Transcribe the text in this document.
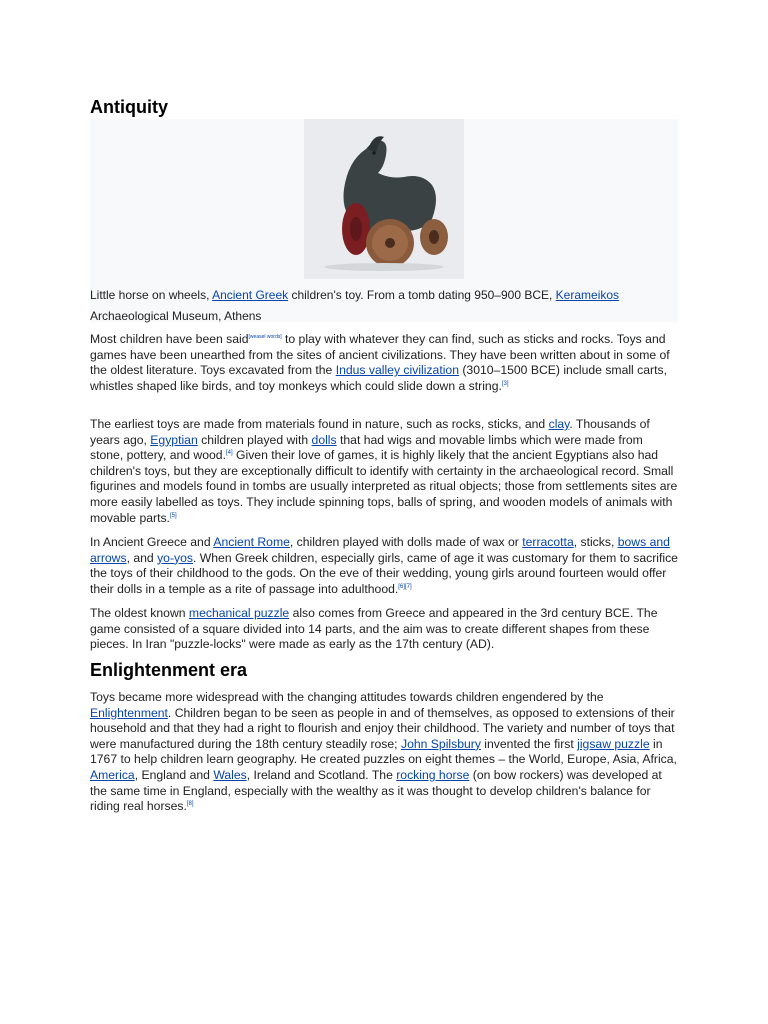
Antiquity
Little horse on wheels, Ancient Greek children's toy. From a tomb dating 950–900 BCE, Kerameikos Archaeological Museum, Athens
Most children have been said[weasel words] to play with whatever they can find, such as sticks and rocks. Toys and games have been unearthed from the sites of ancient civilizations. They have been written about in some of the oldest literature. Toys excavated from the Indus valley civilization (3010–1500 BCE) include small carts, whistles shaped like birds, and toy monkeys which could slide down a string.[3]
The earliest toys are made from materials found in nature, such as rocks, sticks, and clay. Thousands of years ago, Egyptian children played with dolls that had wigs and movable limbs which were made from stone, pottery, and wood.[4] Given their love of games, it is highly likely that the ancient Egyptians also had children's toys, but they are exceptionally difficult to identify with certainty in the archaeological record. Small figurines and models found in tombs are usually interpreted as ritual objects; those from settlements sites are more easily labelled as toys. They include spinning tops, balls of spring, and wooden models of animals with movable parts.[5]
In Ancient Greece and Ancient Rome, children played with dolls made of wax or terracotta, sticks, bows and arrows, and yo-yos. When Greek children, especially girls, came of age it was customary for them to sacrifice the toys of their childhood to the gods. On the eve of their wedding, young girls around fourteen would offer their dolls in a temple as a rite of passage into adulthood.[6][7]
The oldest known mechanical puzzle also comes from Greece and appeared in the 3rd century BCE. The game consisted of a square divided into 14 parts, and the aim was to create different shapes from these pieces. In Iran "puzzle-locks" were made as early as the 17th century (AD).
Enlightenment era
Toys became more widespread with the changing attitudes towards children engendered by the Enlightenment. Children began to be seen as people in and of themselves, as opposed to extensions of their household and that they had a right to flourish and enjoy their childhood. The variety and number of toys that were manufactured during the 18th century steadily rose; John Spilsbury invented the first jigsaw puzzle in 1767 to help children learn geography. He created puzzles on eight themes – the World, Europe, Asia, Africa, America, England and Wales, Ireland and Scotland. The rocking horse (on bow rockers) was developed at the same time in England, especially with the wealthy as it was thought to develop children's balance for riding real horses.[8]
